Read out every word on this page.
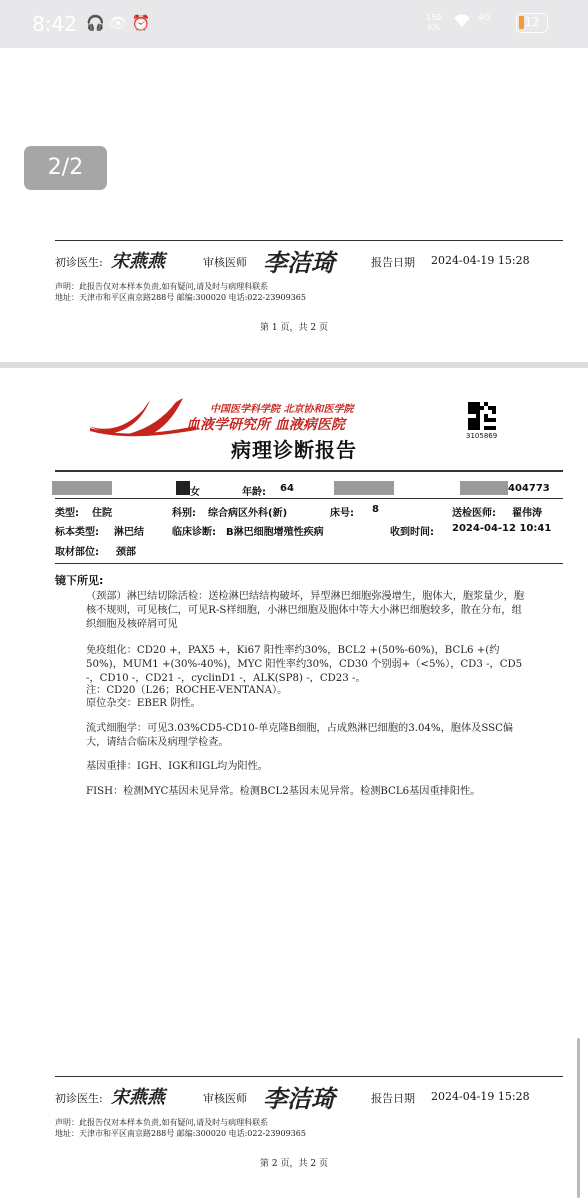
8:42 🎧👁⏰	150
K/s
4G	12
2/2
初诊医生: 宋燕燕	审核医师 李洁琦	报告日期 2024-04-19 15:28
声明：此报告仅对本样本负责,如有疑问,请及时与病理科联系
地址：天津市和平区南京路288号 邮编:300020 电话:022-23909365
第 1 页，共 2 页
中国医学科学院 北京协和医学院
血液学研究所 血液病医院
3105869
病理诊断报告
女	年龄: 64	404773
类型: 住院	科别: 综合病区外科(新)	床号: 8	送检医师: 翟伟涛
标本类型: 淋巴结	临床诊断: B淋巴细胞增殖性疾病	收到时间: 2024-04-12 10:41
取材部位: 颈部
镜下所见:
（颈部）淋巴结切除活检：送检淋巴结结构破坏，异型淋巴细胞弥漫增生，胞体大，胞浆量少，胞核不规则，可见核仁，可见R-S样细胞，小淋巴细胞及胞体中等大小淋巴细胞较多，散在分布，组织细胞及核碎屑可见
免疫组化：CD20 +，PAX5 +，Ki67 阳性率约30%，BCL2 +(50%-60%)，BCL6 +(约50%)，MUM1 +(30%-40%)，MYC 阳性率约30%，CD30 个别弱+（<5%），CD3 -，CD5 -，CD10 -，CD21 -，cyclinD1 -，ALK(SP8) -，CD23 -。
注：CD20（L26；ROCHE-VENTANA）。
原位杂交：EBER 阴性。
流式细胞学：可见3.03%CD5-CD10-单克隆B细胞，占成熟淋巴细胞的3.04%，胞体及SSC偏大，请结合临床及病理学检查。
基因重排：IGH、IGK和IGL均为阳性。
FISH：检测MYC基因未见异常。检测BCL2基因未见异常。检测BCL6基因重排阳性。
初诊医生: 宋燕燕	审核医师 李洁琦	报告日期 2024-04-19 15:28
声明：此报告仅对本样本负责,如有疑问,请及时与病理科联系
地址：天津市和平区南京路288号 邮编:300020 电话:022-23909365
第 2 页，共 2 页
